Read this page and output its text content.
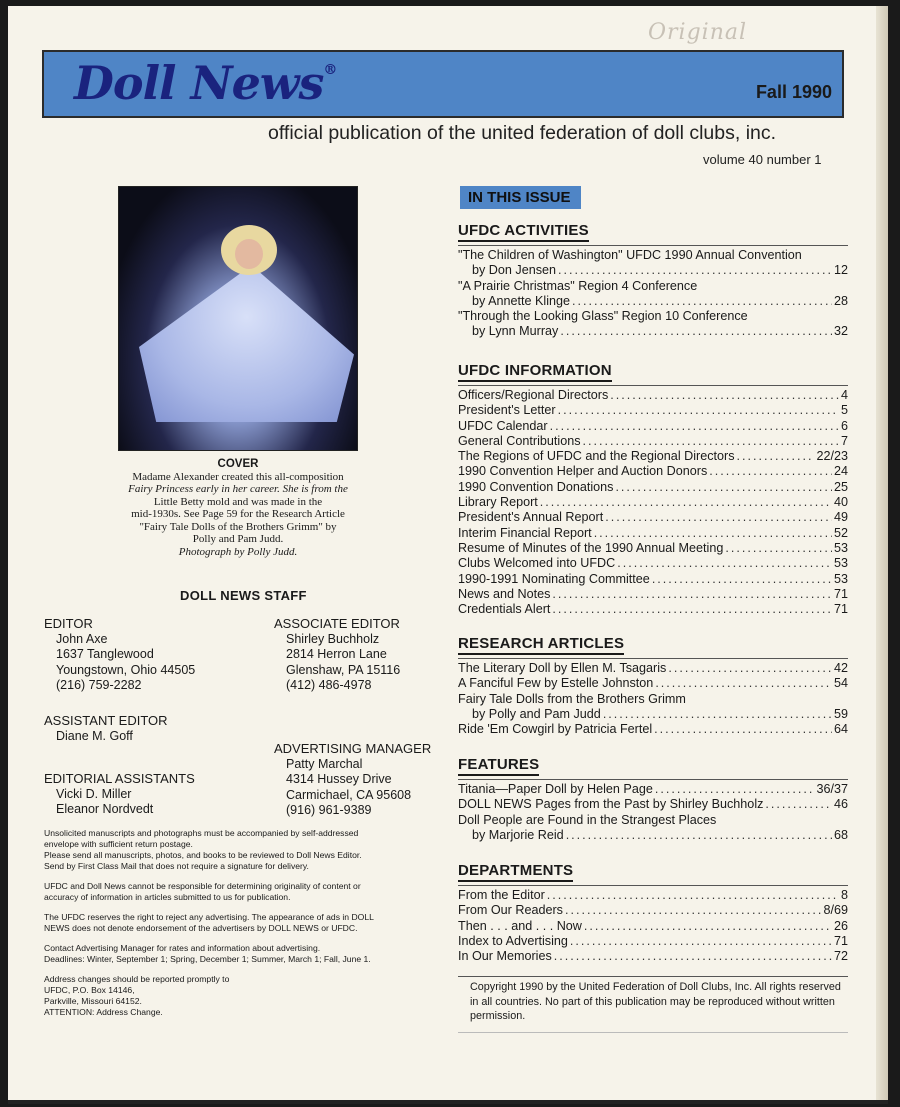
Original
Doll News®
Fall 1990
official publication of the united federation of doll clubs, inc.
volume 40 number 1
COVER
Madame Alexander created this all-composition
Fairy Princess early in her career. She is from the
Little Betty mold and was made in the
mid-1930s. See Page 59 for the Research Article
"Fairy Tale Dolls of the Brothers Grimm" by
Polly and Pam Judd.
Photograph by Polly Judd.
DOLL NEWS STAFF
EDITOR
John Axe
1637 Tanglewood
Youngstown, Ohio 44505
(216) 759-2282
ASSOCIATE EDITOR
Shirley Buchholz
2814 Herron Lane
Glenshaw, PA 15116
(412) 486-4978
ASSISTANT EDITOR
Diane M. Goff
ADVERTISING MANAGER
Patty Marchal
4314 Hussey Drive
Carmichael, CA 95608
(916) 961-9389
EDITORIAL ASSISTANTS
Vicki D. Miller
Eleanor Nordvedt

Unsolicited manuscripts and photographs must be accompanied by self-addressed
envelope with sufficient return postage.
Please send all manuscripts, photos, and books to be reviewed to Doll News Editor.
Send by First Class Mail that does not require a signature for delivery.

UFDC and Doll News cannot be responsible for determining originality of content or
accuracy of information in articles submitted to us for publication.

The UFDC reserves the right to reject any advertising. The appearance of ads in DOLL
NEWS does not denote endorsement of the advertisers by DOLL NEWS or UFDC.

Contact Advertising Manager for rates and information about advertising.
Deadlines: Winter, September 1; Spring, December 1; Summer, March 1; Fall, June 1.

Address changes should be reported promptly to
UFDC, P.O. Box 14146,
Parkville, Missouri 64152.
ATTENTION: Address Change.

IN THIS ISSUE
UFDC ACTIVITIES
"The Children of Washington" UFDC 1990 Annual Convention
by Don Jensen .....	12
"A Prairie Christmas" Region 4 Conference
by Annette Klinge .....	28
"Through the Looking Glass" Region 10 Conference
by Lynn Murray .....	32
UFDC INFORMATION
Officers/Regional Directors .....	4
President's Letter .....	5
UFDC Calendar .....	6
General Contributions .....	7
The Regions of UFDC and the Regional Directors .....	22/23
1990 Convention Helper and Auction Donors .....	24
1990 Convention Donations .....	25
Library Report .....	40
President's Annual Report .....	49
Interim Financial Report .....	52
Resume of Minutes of the 1990 Annual Meeting .....	53
Clubs Welcomed into UFDC .....	53
1990-1991 Nominating Committee .....	53
News and Notes .....	71
Credentials Alert .....	71
RESEARCH ARTICLES
The Literary Doll by Ellen M. Tsagaris .....	42
A Fanciful Few by Estelle Johnston .....	54
Fairy Tale Dolls from the Brothers Grimm
by Polly and Pam Judd .....	59
Ride 'Em Cowgirl by Patricia Fertel .....	64
FEATURES
Titania—Paper Doll by Helen Page .....	36/37
DOLL NEWS Pages from the Past by Shirley Buchholz .....	46
Doll People are Found in the Strangest Places
by Marjorie Reid .....	68
DEPARTMENTS
From the Editor .....	8
From Our Readers .....	8/69
Then . . . and . . . Now .....	26
Index to Advertising .....	71
In Our Memories .....	72
Copyright 1990 by the United Federation of Doll Clubs, Inc. All rights reserved in all countries. No part of this publication may be reproduced without written permission.
